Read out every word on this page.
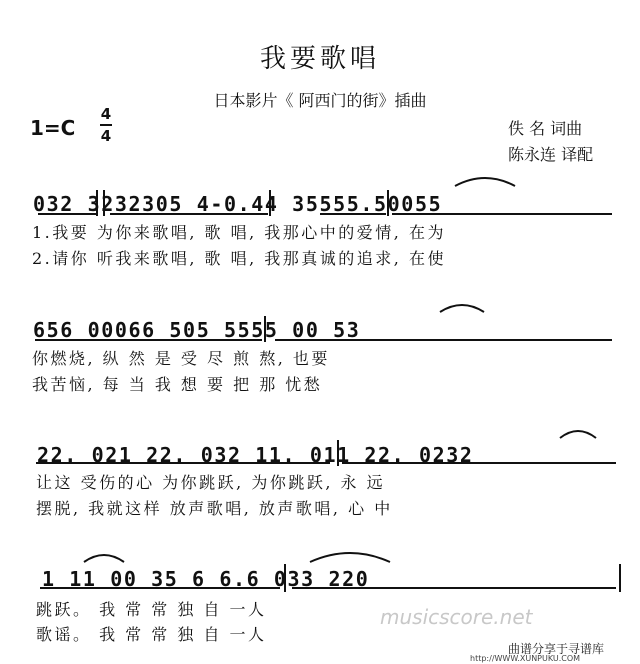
我要歌唱
日本影片《 阿西门的街》插曲
1=C
4
4	佚 名 词曲
陈永连 译配
032 3232305 4-0.44 35555.50055
1.我要 为你来歌唱, 歌 唱, 我那心中的爱情, 在为
2.请你 听我来歌唱, 歌 唱, 我那真诚的追求, 在使
656 00066 505 5555 00 53
你燃烧, 纵 然 是 受 尽 煎 熬, 也要
我苦恼, 每 当 我 想 要 把 那 忧愁
22. 021 22. 032 11. 011 22. 0232
让这 受伤的心 为你跳跃, 为你跳跃, 永 远
摆脱, 我就这样 放声歌唱, 放声歌唱, 心 中
1 11 00 35 6 6.6 033 220
跳跃。 我 常 常 独 自 一人
歌谣。 我 常 常 独 自 一人
musicscore.net
曲谱分享于寻谱库
http://WWW.XUNPUKU.COM
